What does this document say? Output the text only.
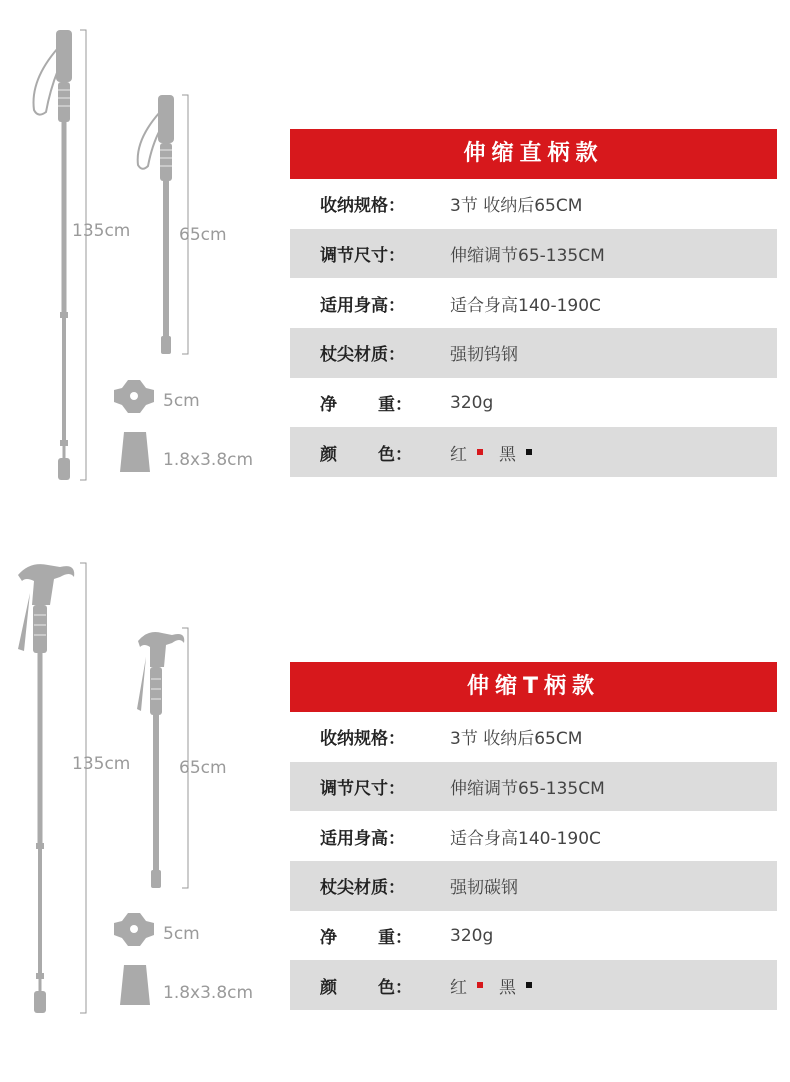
135cm	65cm
5cm
1.8x3.8cm
伸缩直柄款
收纳规格：	3节 收纳后65CM
调节尺寸：	伸缩调节65-135CM
适用身高：	适合身高140-190C
杖尖材质：	强韧钨钢
净 重：	320g
颜 色： 红 黑
135cm	65cm
5cm
1.8x3.8cm
伸缩T柄款
收纳规格：	3节 收纳后65CM
调节尺寸：	伸缩调节65-135CM
适用身高：	适合身高140-190C
杖尖材质：	强韧碳钢
净 重：	320g
颜 色： 红 黑
